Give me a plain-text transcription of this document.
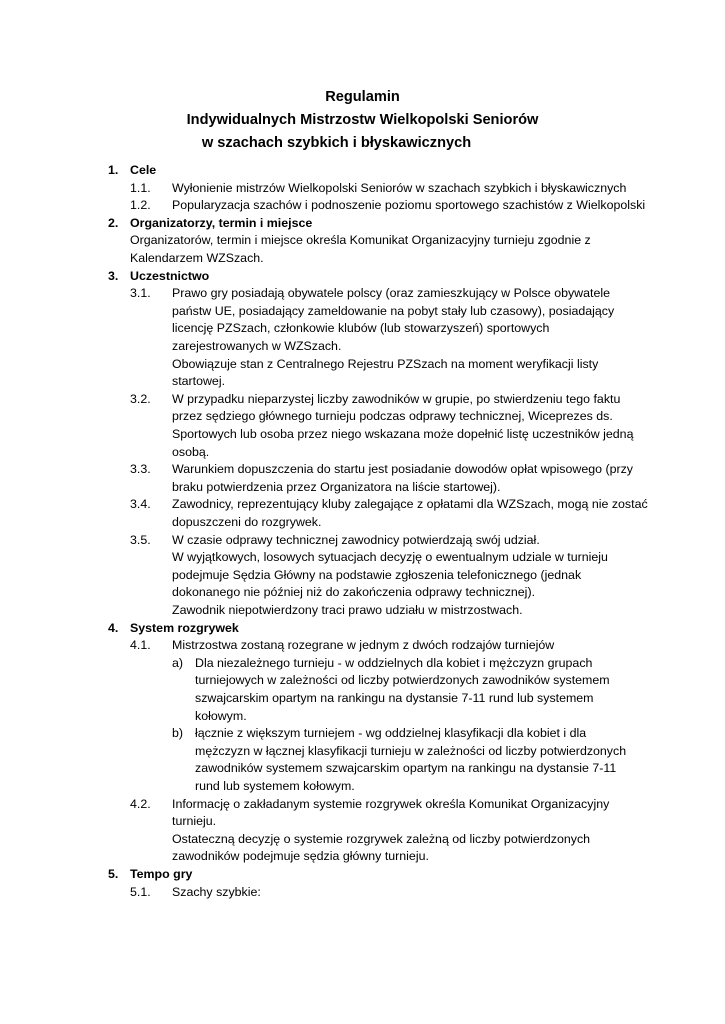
Regulamin
Indywidualnych Mistrzostw Wielkopolski Seniorów
w szachach szybkich i błyskawicznych
1. Cele
1.1. Wyłonienie mistrzów Wielkopolski Seniorów w szachach szybkich i błyskawicznych
1.2. Popularyzacja szachów i podnoszenie poziomu sportowego szachistów z Wielkopolski
2. Organizatorzy, termin i miejsce
Organizatorów, termin i miejsce określa Komunikat Organizacyjny turnieju zgodnie z
Kalendarzem WZSzach.
3. Uczestnictwo
3.1. Prawo gry posiadają obywatele polscy (oraz zamieszkujący w Polsce obywatele
państw UE, posiadający zameldowanie na pobyt stały lub czasowy), posiadający
licencję PZSzach, członkowie klubów (lub stowarzyszeń) sportowych
zarejestrowanych w WZSzach.
Obowiązuje stan z Centralnego Rejestru PZSzach na moment weryfikacji listy
startowej.
3.2. W przypadku nieparzystej liczby zawodników w grupie, po stwierdzeniu tego faktu
przez sędziego głównego turnieju podczas odprawy technicznej, Wiceprezes ds.
Sportowych lub osoba przez niego wskazana może dopełnić listę uczestników jedną
osobą.
3.3. Warunkiem dopuszczenia do startu jest posiadanie dowodów opłat wpisowego (przy
braku potwierdzenia przez Organizatora na liście startowej).
3.4. Zawodnicy, reprezentujący kluby zalegające z opłatami dla WZSzach, mogą nie zostać
dopuszczeni do rozgrywek.
3.5. W czasie odprawy technicznej zawodnicy potwierdzają swój udział.
W wyjątkowych, losowych sytuacjach decyzję o ewentualnym udziale w turnieju
podejmuje Sędzia Główny na podstawie zgłoszenia telefonicznego (jednak
dokonanego nie później niż do zakończenia odprawy technicznej).
Zawodnik niepotwierdzony traci prawo udziału w mistrzostwach.
4. System rozgrywek
4.1. Mistrzostwa zostaną rozegrane w jednym z dwóch rodzajów turniejów
a) Dla niezależnego turnieju - w oddzielnych dla kobiet i mężczyzn grupach
turniejowych w zależności od liczby potwierdzonych zawodników systemem
szwajcarskim opartym na rankingu na dystansie 7-11 rund lub systemem
kołowym.
b) łącznie z większym turniejem - wg oddzielnej klasyfikacji dla kobiet i dla
mężczyzn w łącznej klasyfikacji turnieju w zależności od liczby potwierdzonych
zawodników systemem szwajcarskim opartym na rankingu na dystansie 7-11
rund lub systemem kołowym.
4.2. Informację o zakładanym systemie rozgrywek określa Komunikat Organizacyjny
turnieju.
Ostateczną decyzję o systemie rozgrywek zależną od liczby potwierdzonych
zawodników podejmuje sędzia główny turnieju.
5. Tempo gry
5.1. Szachy szybkie:
